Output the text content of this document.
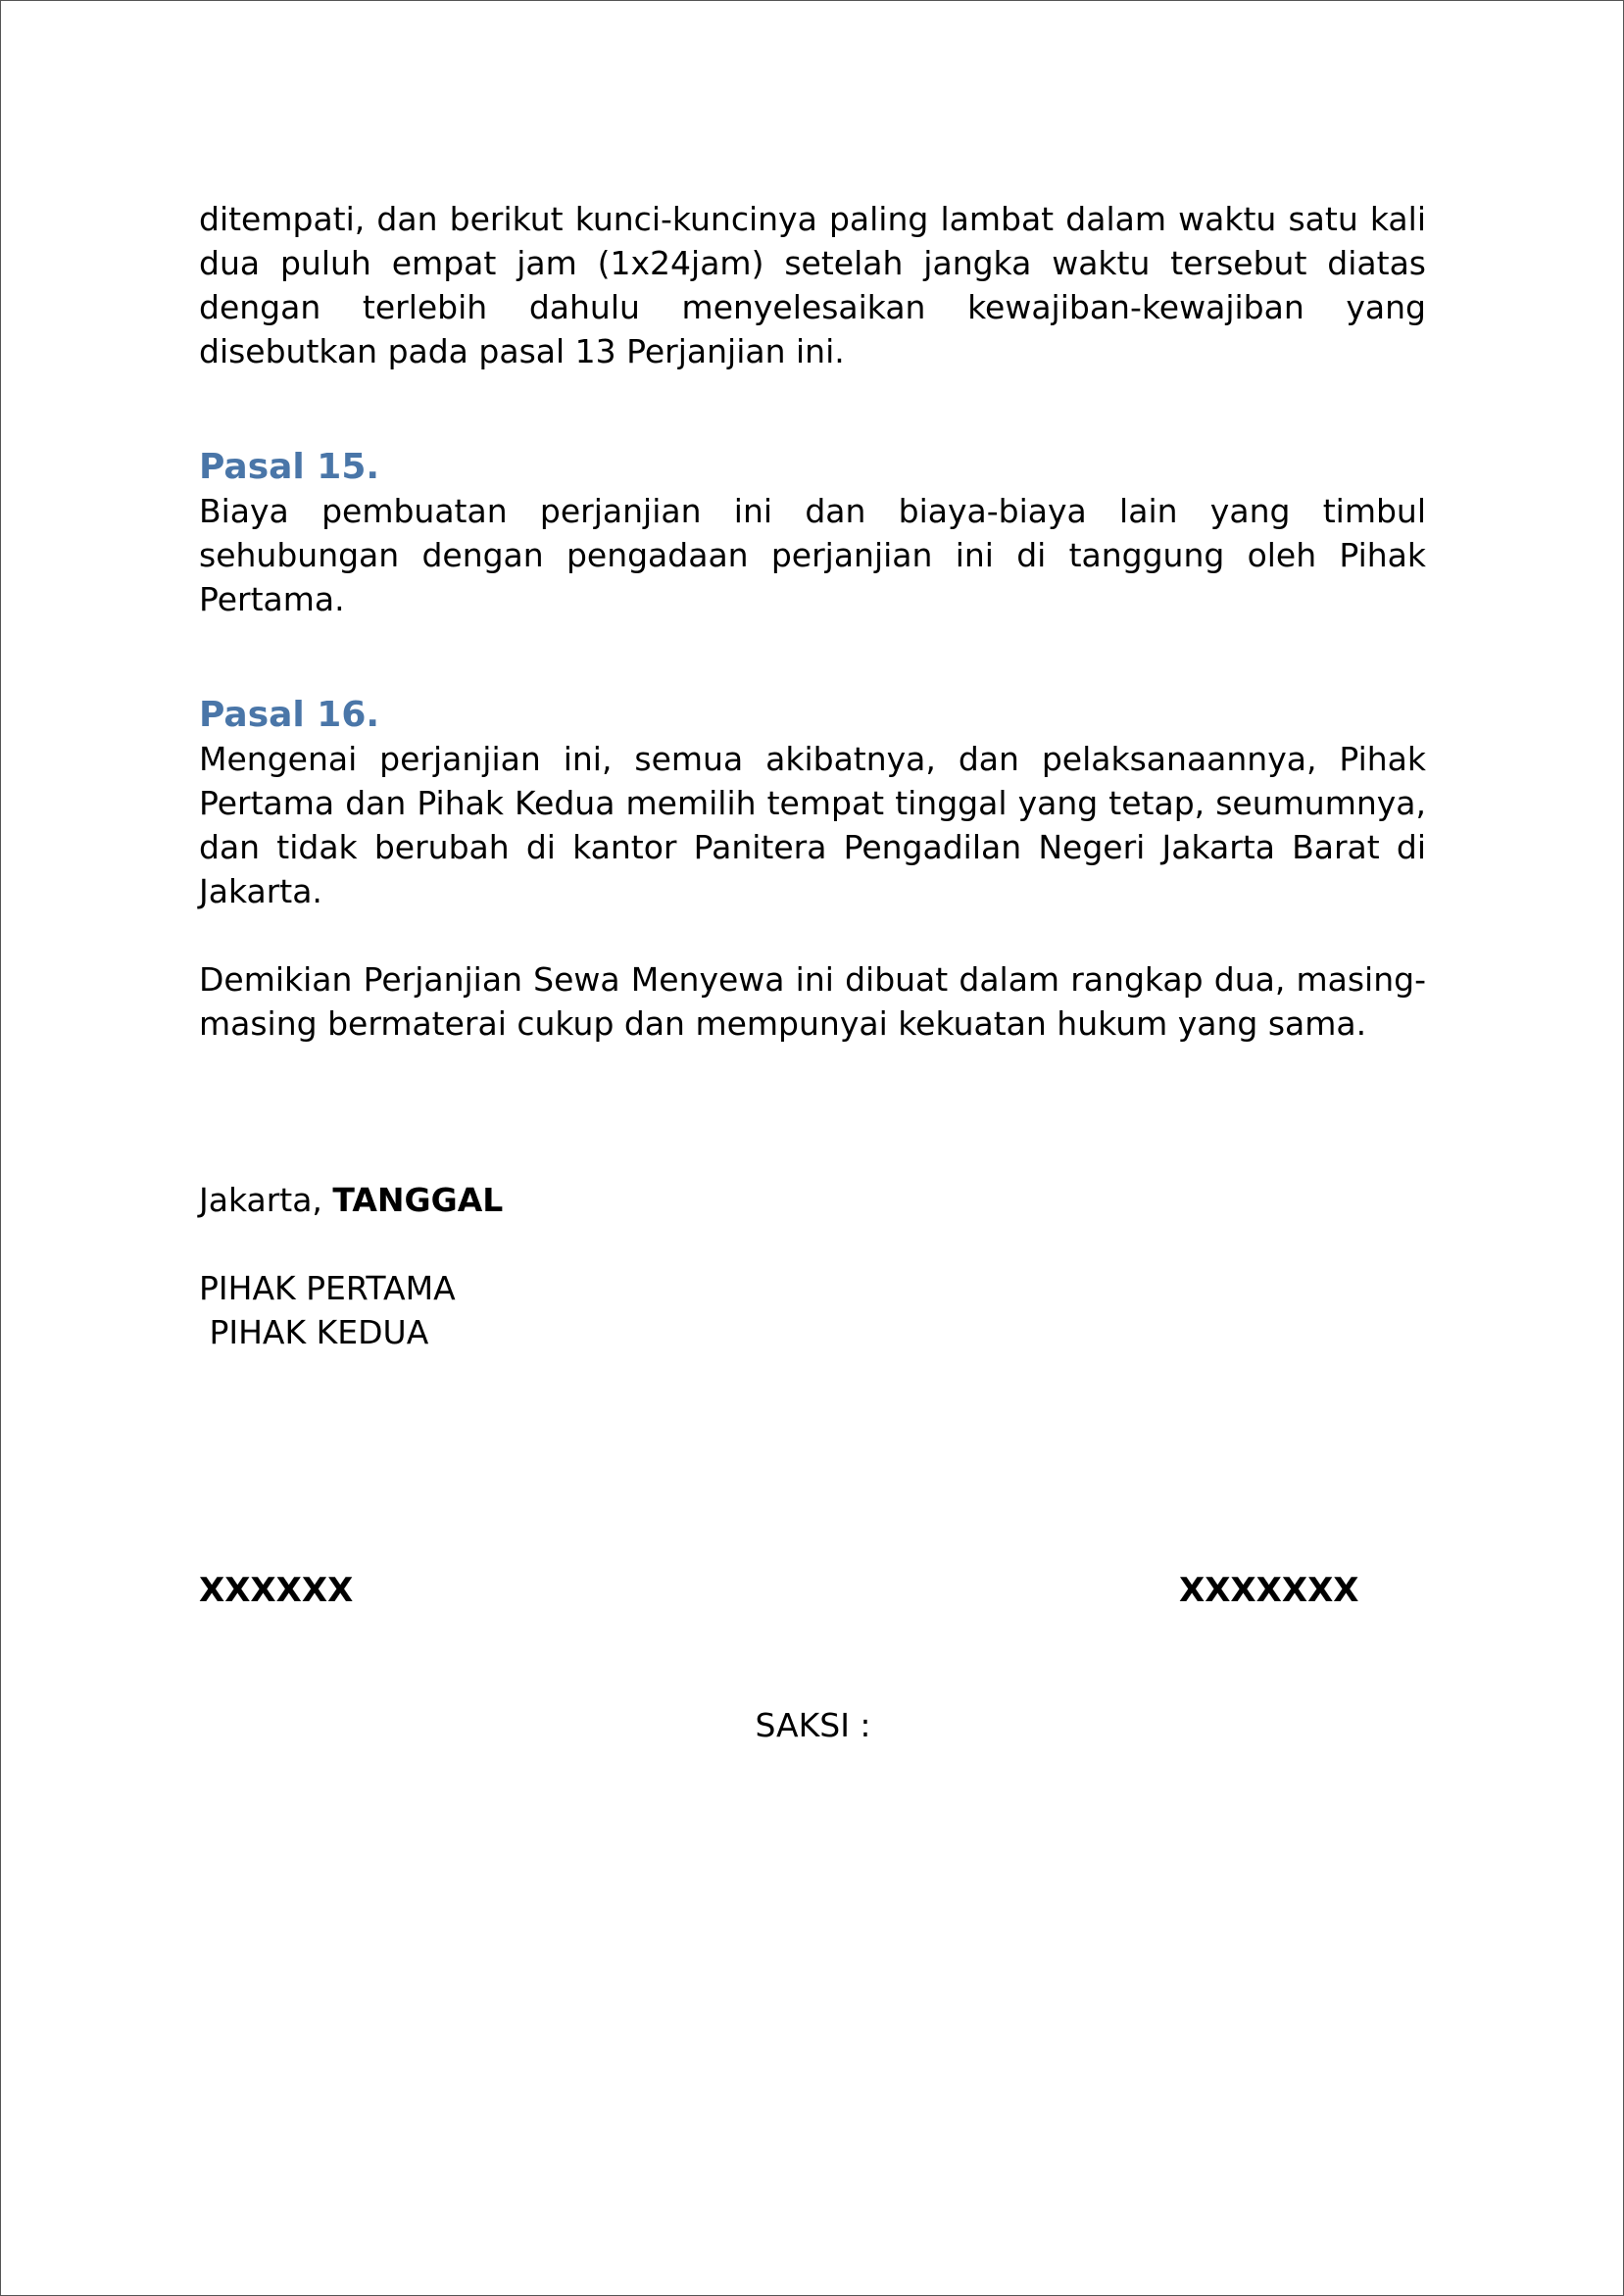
ditempati, dan berikut kunci-kuncinya paling lambat dalam waktu satu kali dua puluh empat jam (1x24jam) setelah jangka waktu tersebut diatas dengan terlebih dahulu menyelesaikan kewajiban-kewajiban yang disebutkan pada pasal 13 Perjanjian ini.

Pasal 15.

Biaya pembuatan perjanjian ini dan biaya-biaya lain yang timbul sehubungan dengan pengadaan perjanjian ini di tanggung oleh Pihak Pertama.

Pasal 16.

Mengenai perjanjian ini, semua akibatnya, dan pelaksanaannya, Pihak Pertama dan Pihak Kedua memilih tempat tinggal yang tetap, seumumnya, dan tidak berubah di kantor Panitera Pengadilan Negeri Jakarta Barat di Jakarta.

Demikian Perjanjian Sewa Menyewa ini dibuat dalam rangkap dua, masing-masing bermaterai cukup dan mempunyai kekuatan hukum yang sama.

Jakarta, TANGGAL

PIHAK PERTAMA

PIHAK KEDUA

XXXXXX	XXXXXXX
SAKSI :
